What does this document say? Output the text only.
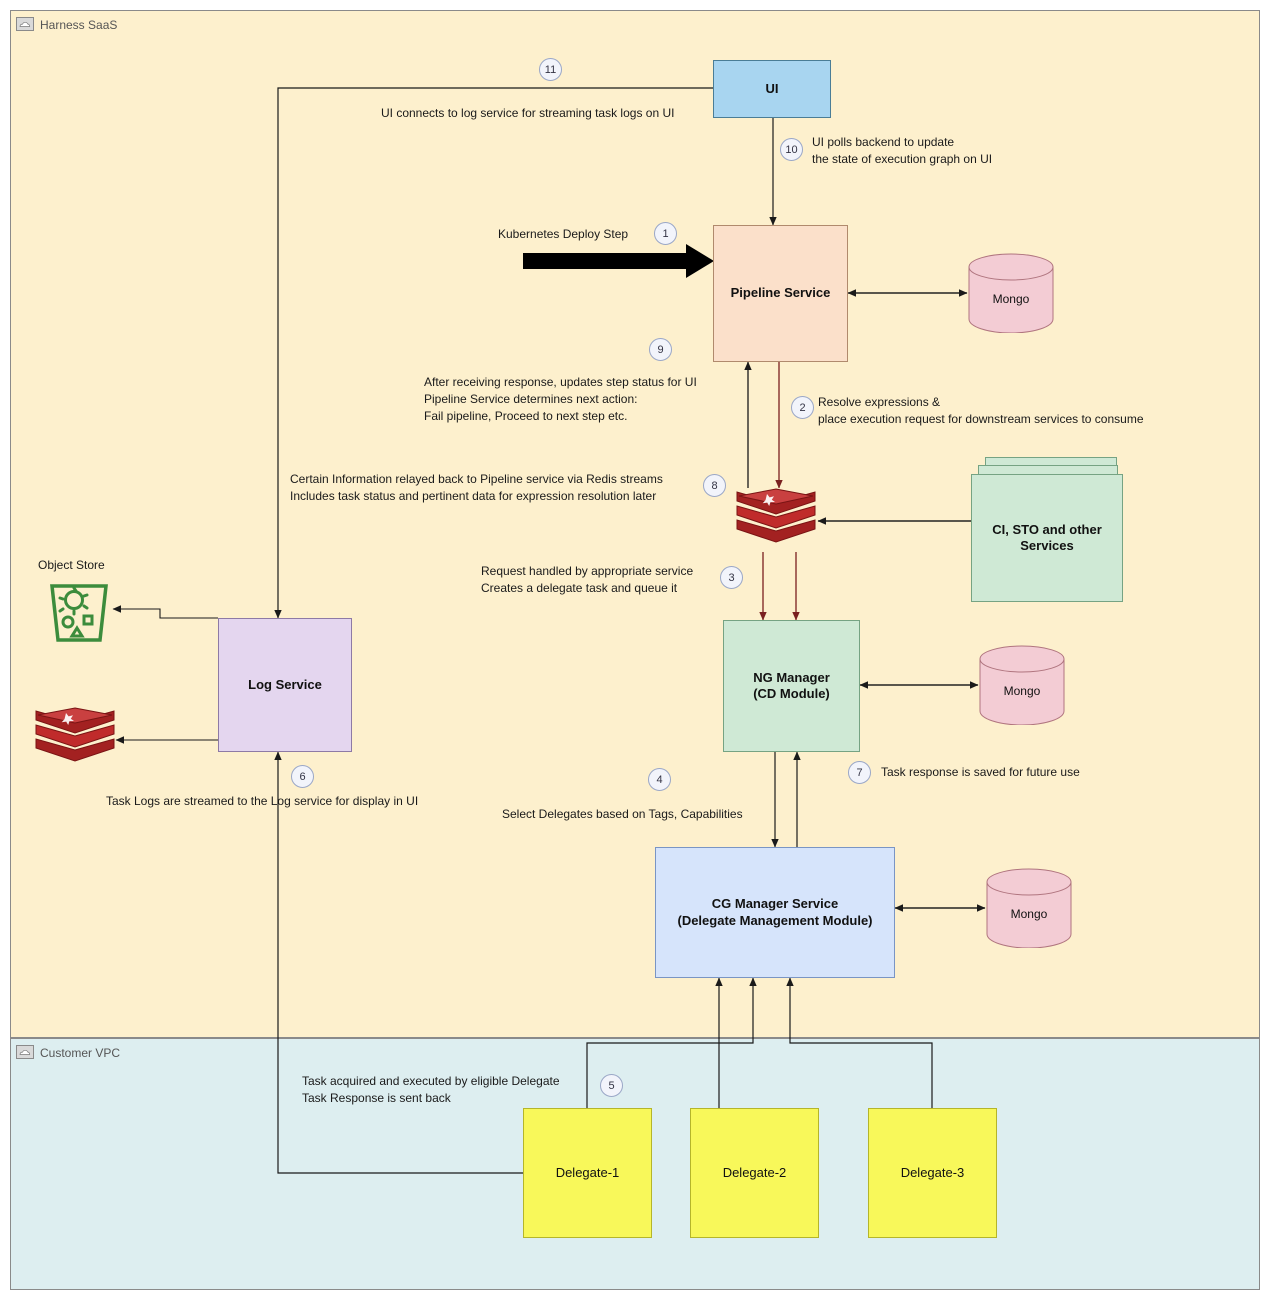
Harness SaaS
Customer VPC
UI
Pipeline Service
Log Service	NG Manager
(CD Module)
CG Manager Service
(Delegate Management Module)
CI, STO and other
Services
Delegate-1	Delegate-2	Delegate-3
Mongo
Mongo
Mongo
Object Store
1
2
3
4
5
6	7
8
9
10
11
Kubernetes Deploy Step
Resolve expressions &
place execution request for downstream services to consume
Request handled by appropriate service
Creates a delegate task and queue it
Select Delegates based on Tags, Capabilities
Task acquired and executed by eligible Delegate
Task Response is sent back
Task Logs are streamed to the Log service for display in UI
Task response is saved for future use
Certain Information relayed back to Pipeline service via Redis streams
Includes task status and pertinent data for expression resolution later
After receiving response, updates step status for UI
Pipeline Service determines next action:
Fail pipeline, Proceed to next step etc.
UI polls backend to update
the state of execution graph on UI
UI connects to log service for streaming task logs on UI
